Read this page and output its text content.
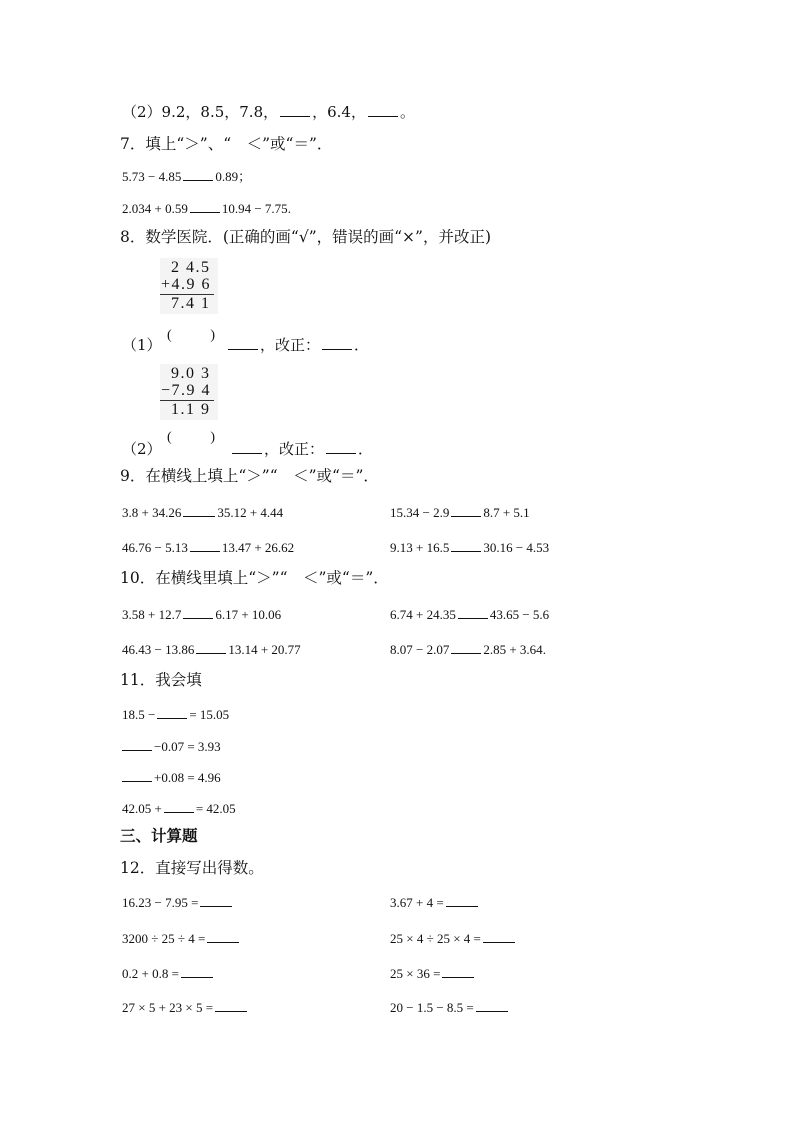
（2）9.2，8.5，7.8， ，6.4， 。
7．填上“＞”、“　＜”或“＝”．
5.73 − 4.85	0.89；
2.034 + 0.59	10.94 − 7.75.
8．数学医院．(正确的画“√”，错误的画“×”，并改正)
2 4.5
+4.9 6
7.4 1
（1）
(	)
，改正： ．
9.0 3
−7.9 4
1.1 9
（2）
(	)
，改正： ．
9．在横线上填上“＞”“　＜”或“＝”．
3.8 + 34.26	35.12 + 4.44	15.34 − 2.9	8.7 + 5.1
46.76 − 5.13	13.47 + 26.62	9.13 + 16.5	30.16 − 4.53
10．在横线里填上“＞”“　＜”或“＝”．
3.58 + 12.7	6.17 + 10.06	6.74 + 24.35	43.65 − 5.6
46.43 − 13.86	13.14 + 20.77	8.07 − 2.07	2.85 + 3.64.
11．我会填
18.5 −	= 15.05
−0.07 = 3.93
+0.08 = 4.96
42.05 +	= 42.05
三、计算题
12．直接写出得数。
16.23 − 7.95 =	3.67 + 4 =
3200 ÷ 25 ÷ 4 =	25 × 4 ÷ 25 × 4 =
0.2 + 0.8 =	25 × 36 =
27 × 5 + 23 × 5 =	20 − 1.5 − 8.5 =
